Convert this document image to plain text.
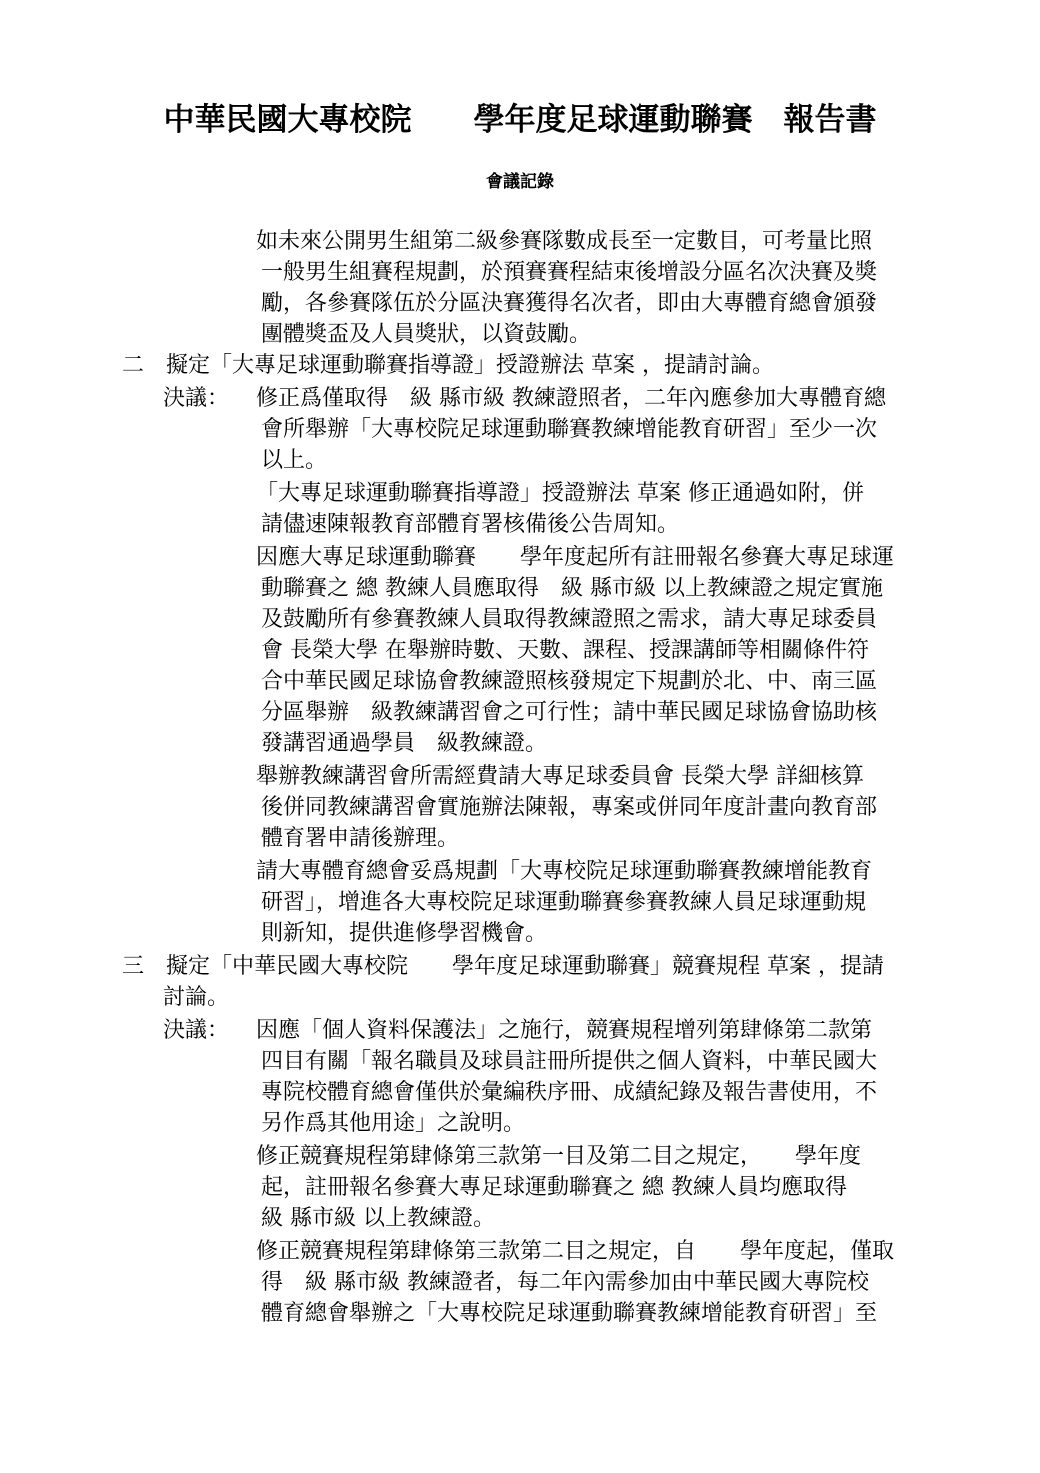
中華民國大專校院　　學年度足球運動聯賽　報告書
會議記錄
如未來公開男生組第二級參賽隊數成長至一定數目，可考量比照
一般男生組賽程規劃，於預賽賽程結束後增設分區名次決賽及獎
勵，各參賽隊伍於分區決賽獲得名次者，即由大專體育總會頒發
團體獎盃及人員獎狀，以資鼓勵。
二 擬定「大專足球運動聯賽指導證」授證辦法 草案 ，提請討論。
決議： 修正爲僅取得　級 縣市級 教練證照者，二年內應參加大專體育總
會所舉辦「大專校院足球運動聯賽教練增能教育研習」至少一次
以上。
「大專足球運動聯賽指導證」授證辦法 草案 修正通過如附，併
請儘速陳報教育部體育署核備後公告周知。
因應大專足球運動聯賽　　學年度起所有註冊報名參賽大專足球運
動聯賽之 總 教練人員應取得　級 縣市級 以上教練證之規定實施
及鼓勵所有參賽教練人員取得教練證照之需求，請大專足球委員
會 長榮大學 在舉辦時數、天數、課程、授課講師等相關條件符
合中華民國足球協會教練證照核發規定下規劃於北、中、南三區
分區舉辦　級教練講習會之可行性；請中華民國足球協會協助核
發講習通過學員　級教練證。
舉辦教練講習會所需經費請大專足球委員會 長榮大學 詳細核算
後併同教練講習會實施辦法陳報，專案或併同年度計畫向教育部
體育署申請後辦理。
請大專體育總會妥爲規劃「大專校院足球運動聯賽教練增能教育
研習」，增進各大專校院足球運動聯賽參賽教練人員足球運動規
則新知，提供進修學習機會。
三 擬定「中華民國大專校院　　學年度足球運動聯賽」競賽規程 草案 ，提請
討論。
決議： 因應「個人資料保護法」之施行，競賽規程增列第肆條第二款第
四目有關「報名職員及球員註冊所提供之個人資料，中華民國大
專院校體育總會僅供於彙編秩序冊、成績紀錄及報告書使用，不
另作爲其他用途」之說明。
修正競賽規程第肆條第三款第一目及第二目之規定，　　學年度
起，註冊報名參賽大專足球運動聯賽之 總 教練人員均應取得
級 縣市級 以上教練證。
修正競賽規程第肆條第三款第二目之規定，自　　學年度起，僅取
得　級 縣市級 教練證者，每二年內需參加由中華民國大專院校
體育總會舉辦之「大專校院足球運動聯賽教練增能教育研習」至
